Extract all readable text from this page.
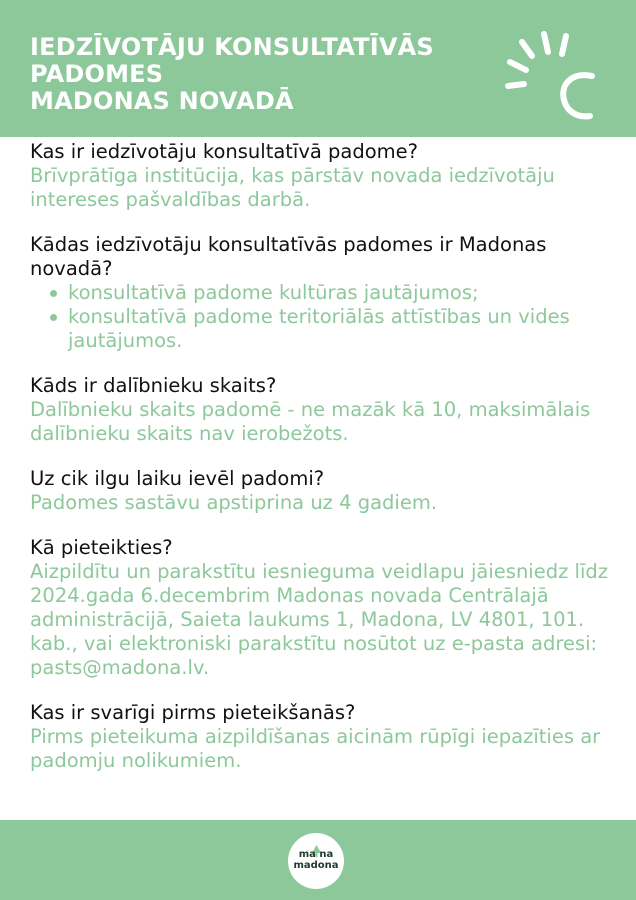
IEDZĪVOTĀJU KONSULTATĪVĀS
PADOMES
MADONAS NOVADĀ

Kas ir iedzīvotāju konsultatīvā padome?

Brīvprātīga institūcija, kas pārstāv novada iedzīvotāju intereses pašvaldības darbā.

Kādas iedzīvotāju konsultatīvās padomes ir Madonas novadā?

konsultatīvā padome kultūras jautājumos;
konsultatīvā padome teritoriālās attīstības un vides jautājumos.

Kāds ir dalībnieku skaits?

Dalībnieku skaits padomē - ne mazāk kā 10, maksimālais dalībnieku skaits nav ierobežots.

Uz cik ilgu laiku ievēl padomi?

Padomes sastāvu apstiprina uz 4 gadiem.

Kā pieteikties?

Aizpildītu un parakstītu iesnieguma veidlapu jāiesniedz līdz 2024.gada 6.decembrim Madonas novada Centrālajā administrācijā, Saieta laukums 1, Madona, LV 4801, 101. kab., vai elektroniski parakstītu nosūtot uz e-pasta adresi: pasts@madona.lv.

Kas ir svarīgi pirms pieteikšanās?

Pirms pieteikuma aizpildīšanas aicinām rūpīgi iepazīties ar padomju nolikumiem.

ma na
madona
